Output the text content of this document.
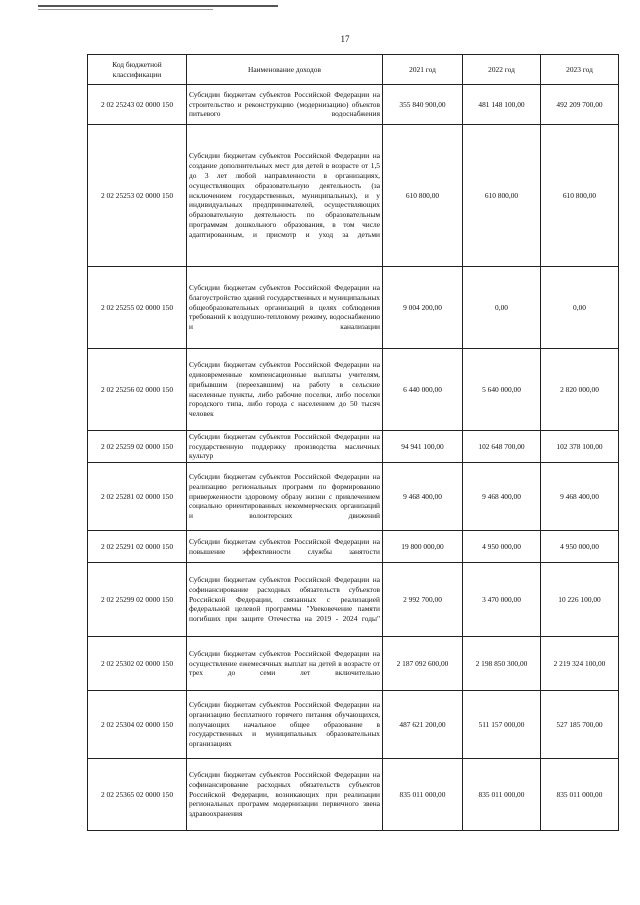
17
Код бюджетной классификации	Наименование доходов	2021 год	2022 год	2023 год
2 02 25243 02 0000 150	Субсидии бюджетам субъектов Российской Федерации на строительство и реконструкцию (модернизацию) объектов питьевого водоснабжения	355 840 900,00	481 148 100,00	492 209 700,00
2 02 25253 02 0000 150	Субсидии бюджетам субъектов Российской Федерации на создание дополнительных мест для детей в возрасте от 1,5 до 3 лет любой направленности в организациях, осуществляющих образовательную деятельность (за исключением государственных, муниципальных), и у индивидуальных предпринимателей, осуществляющих образовательную деятельность по образовательным программам дошкольного образования, в том числе адаптированным, и присмотр и уход за детьми	610 800,00	610 800,00	610 800,00
2 02 25255 02 0000 150	Субсидии бюджетам субъектов Российской Федерации на благоустройство зданий государственных и муниципальных общеобразовательных организаций в целях соблюдения требований к воздушно-тепловому режиму, водоснабжению и канализации	9 004 200,00	0,00	0,00
2 02 25256 02 0000 150	Субсидии бюджетам субъектов Российской Федерации на единовременные компенсационные выплаты учителям, прибывшим (переехавшим) на работу в сельские населенные пункты, либо рабочие поселки, либо поселки городского типа, либо города с населением до 50 тысяч человек	6 440 000,00	5 640 000,00	2 820 000,00
2 02 25259 02 0000 150	Субсидии бюджетам субъектов Российской Федерации на государственную поддержку производства масличных культур	94 941 100,00	102 648 700,00	102 378 100,00
2 02 25281 02 0000 150	Субсидии бюджетам субъектов Российской Федерации на реализацию региональных программ по формированию приверженности здоровому образу жизни с привлечением социально ориентированных некоммерческих организаций и волонтерских движений	9 468 400,00	9 468 400,00	9 468 400,00
2 02 25291 02 0000 150	Субсидии бюджетам субъектов Российской Федерации на повышение эффективности службы занятости	19 800 000,00	4 950 000,00	4 950 000,00
2 02 25299 02 0000 150	Субсидии бюджетам субъектов Российской Федерации на софинансирование расходных обязательств субъектов Российской Федерации, связанных с реализацией федеральной целевой программы "Увековечение памяти погибших при защите Отечества на 2019 - 2024 годы"	2 992 700,00	3 470 000,00	10 226 100,00
2 02 25302 02 0000 150	Субсидии бюджетам субъектов Российской Федерации на осуществление ежемесячных выплат на детей в возрасте от трех до семи лет включительно	2 187 092 600,00	2 198 850 300,00	2 219 324 100,00
2 02 25304 02 0000 150	Субсидии бюджетам субъектов Российской Федерации на организацию бесплатного горячего питания обучающихся, получающих начальное общее образование в государственных и муниципальных образовательных организациях	487 621 200,00	511 157 000,00	527 185 700,00
2 02 25365 02 0000 150	Субсидии бюджетам субъектов Российской Федерации на софинансирование расходных обязательств субъектов Российской Федерации, возникающих при реализации региональных программ модернизации первичного звена здравоохранения	835 011 000,00	835 011 000,00	835 011 000,00
